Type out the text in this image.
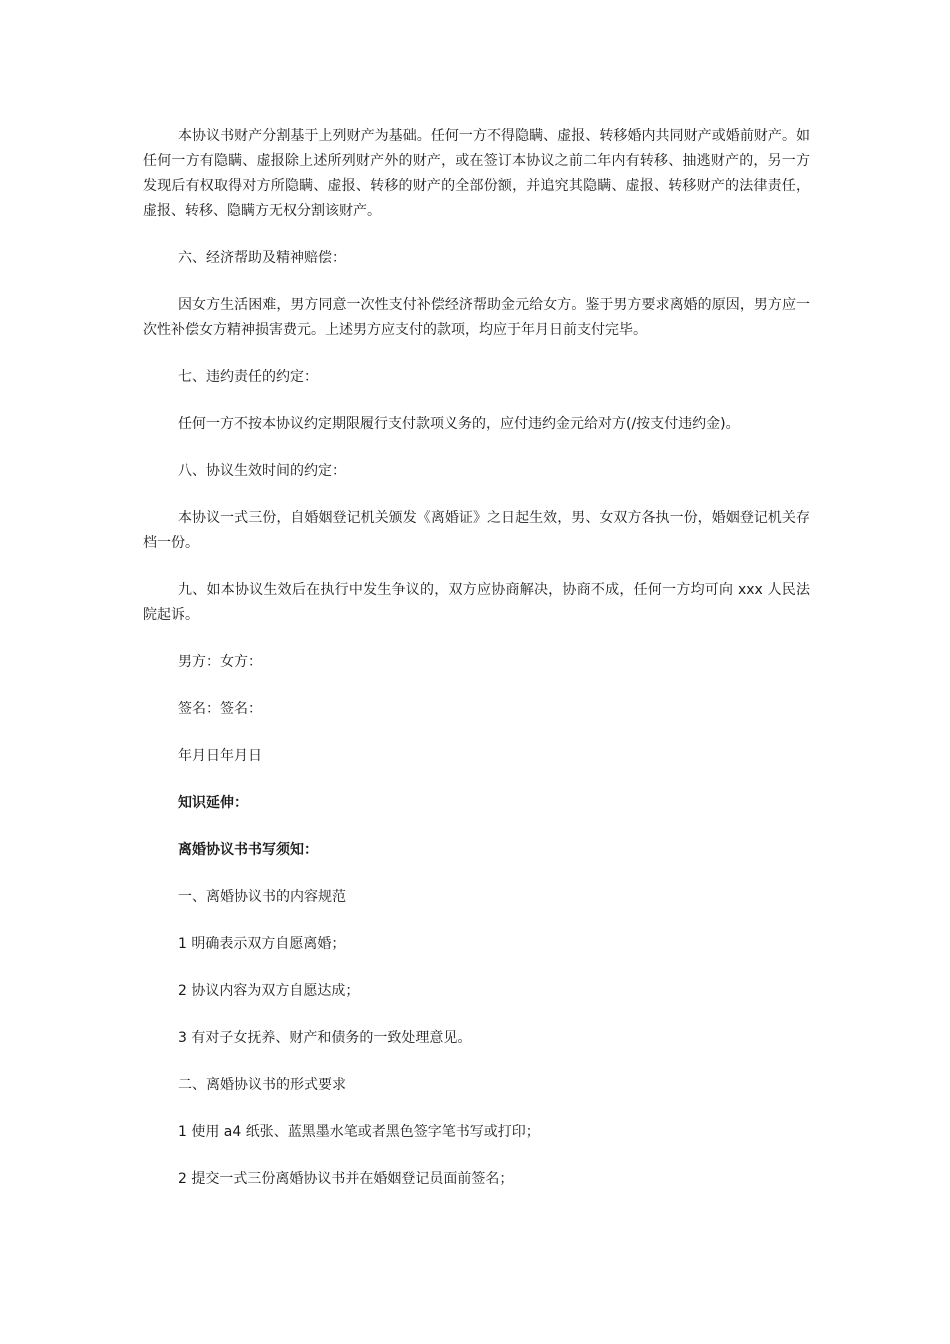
本协议书财产分割基于上列财产为基础。任何一方不得隐瞒、虚报、转移婚内共同财产或婚前财产。如任何一方有隐瞒、虚报除上述所列财产外的财产，或在签订本协议之前二年内有转移、抽逃财产的，另一方发现后有权取得对方所隐瞒、虚报、转移的财产的全部份额，并追究其隐瞒、虚报、转移财产的法律责任，虚报、转移、隐瞒方无权分割该财产。

六、经济帮助及精神赔偿：

因女方生活困难，男方同意一次性支付补偿经济帮助金元给女方。鉴于男方要求离婚的原因，男方应一次性补偿女方精神损害费元。上述男方应支付的款项，均应于年月日前支付完毕。

七、违约责任的约定：

任何一方不按本协议约定期限履行支付款项义务的，应付违约金元给对方(/按支付违约金)。

八、协议生效时间的约定：

本协议一式三份，自婚姻登记机关颁发《离婚证》之日起生效，男、女双方各执一份，婚姻登记机关存档一份。

九、如本协议生效后在执行中发生争议的，双方应协商解决，协商不成，任何一方均可向 xxx 人民法院起诉。

男方：女方：

签名：签名：

年月日年月日

知识延伸：

离婚协议书书写须知：

一、离婚协议书的内容规范

1 明确表示双方自愿离婚；

2 协议内容为双方自愿达成；

3 有对子女抚养、财产和债务的一致处理意见。

二、离婚协议书的形式要求

1 使用 a4 纸张、蓝黑墨水笔或者黑色签字笔书写或打印；

2 提交一式三份离婚协议书并在婚姻登记员面前签名；
